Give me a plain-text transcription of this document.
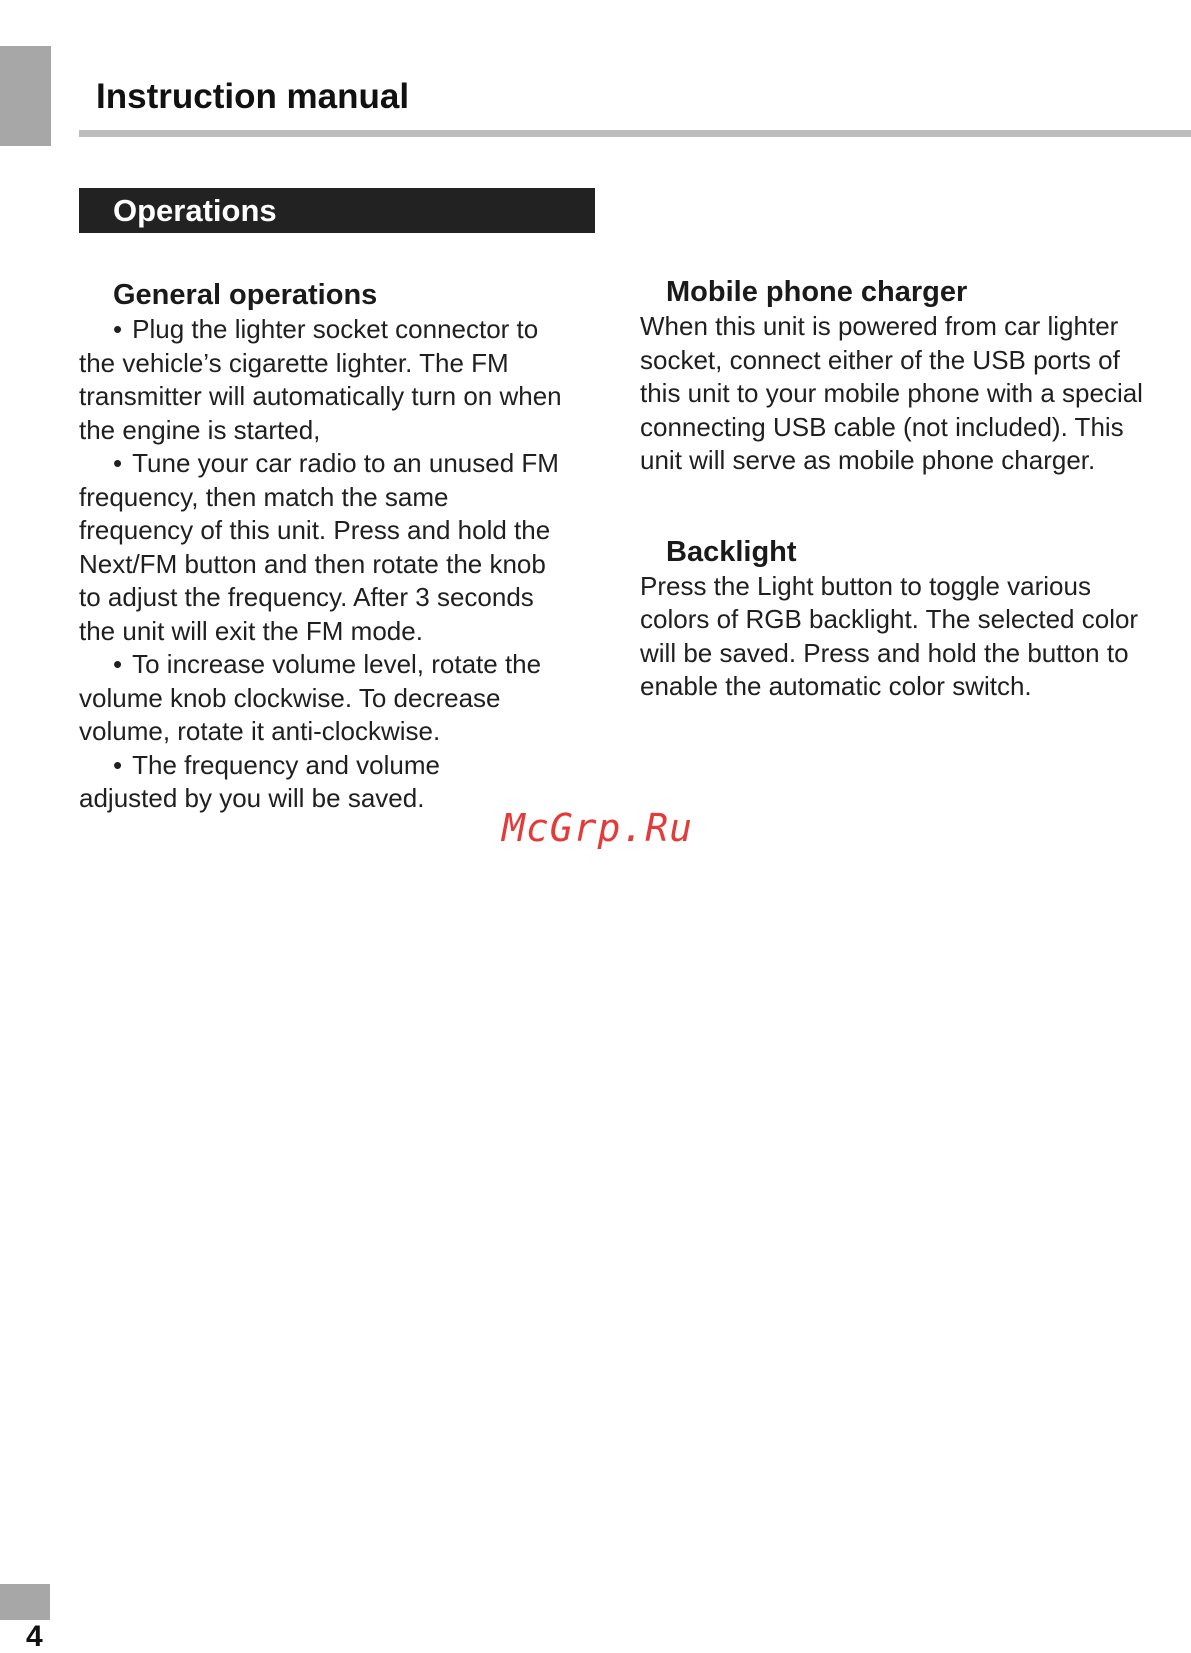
Instruction manual
Operations

General operations

• Plug the lighter socket connector to the vehicle’s cigarette lighter. The FM transmitter will automatically turn on when the engine is started,

• Tune your car radio to an unused FM frequency, then match the same frequency of this unit. Press and hold the Next/FM button and then rotate the knob to adjust the frequency. After 3 seconds the unit will exit the FM mode.

• To increase volume level, rotate the volume knob clockwise. To decrease volume, rotate it anti-clockwise.

• The frequency and volume adjusted by you will be saved.

Mobile phone charger

When this unit is powered from car lighter socket, connect either of the USB ports of this unit to your mobile phone with a special connecting USB cable (not included). This unit will serve as mobile phone charger.

Backlight

Press the Light button to toggle various colors of RGB backlight. The selected color will be saved. Press and hold the button to enable the automatic color switch.

McGrp.Ru
4
